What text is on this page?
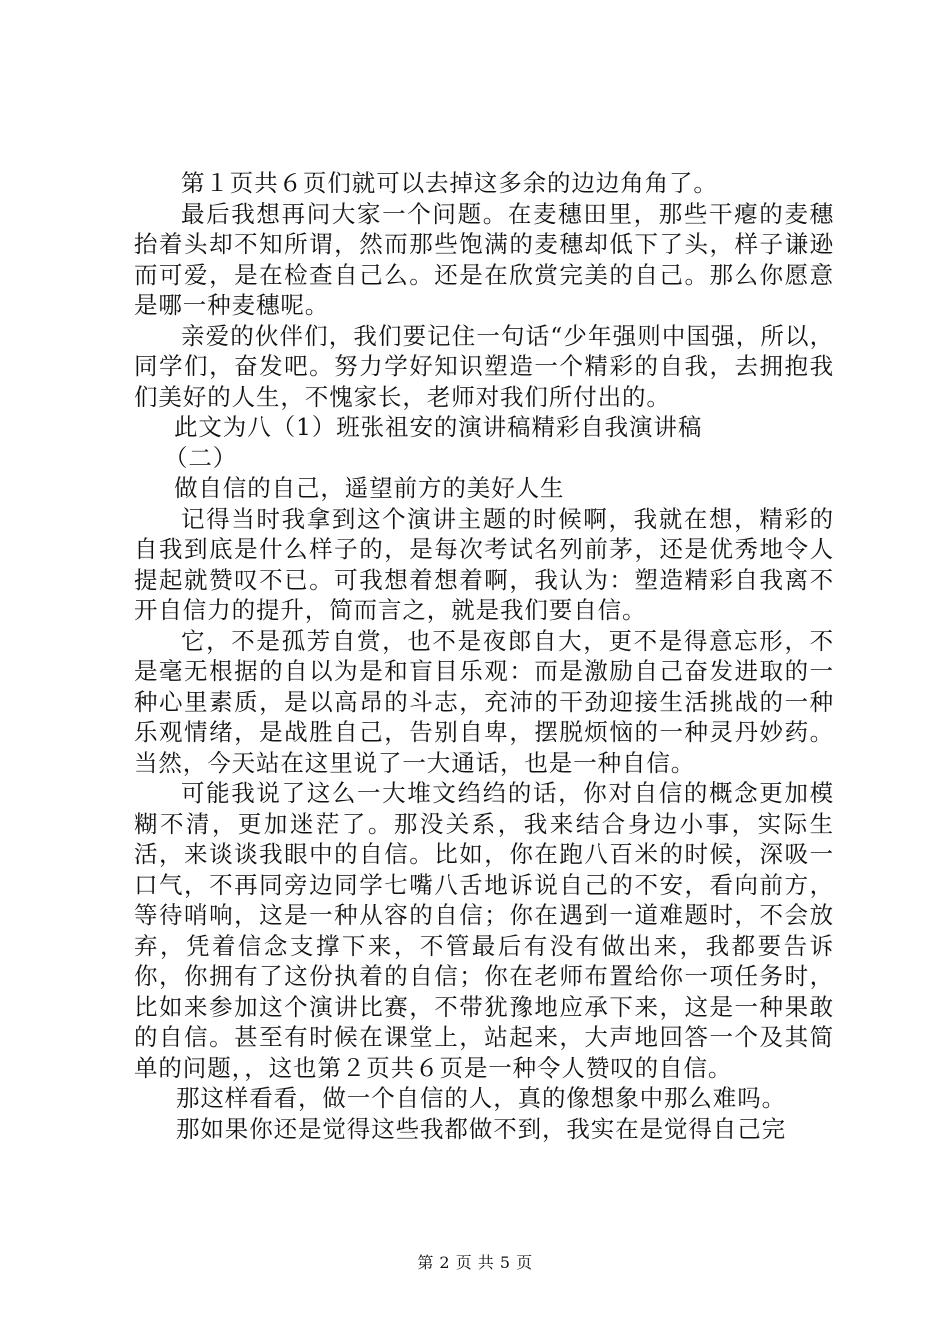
第１页共６页们就可以去掉这多余的边边角角了。

最后我想再问大家一个问题。在麦穗田里，那些干瘪的麦穗抬着头却不知所谓，然而那些饱满的麦穗却低下了头，样子谦逊而可爱，是在检查自己么。还是在欣赏完美的自己。那么你愿意是哪一种麦穗呢。

亲爱的伙伴们，我们要记住一句话“少年强则中国强，所以，同学们，奋发吧。努力学好知识塑造一个精彩的自我，去拥抱我们美好的人生，不愧家长，老师对我们所付出的。

此文为八（1）班张祖安的演讲稿精彩自我演讲稿

（二）

做自信的自己，遥望前方的美好人生

记得当时我拿到这个演讲主题的时候啊，我就在想，精彩的自我到底是什么样子的，是每次考试名列前茅，还是优秀地令人提起就赞叹不已。可我想着想着啊，我认为：塑造精彩自我离不开自信力的提升，简而言之，就是我们要自信。

它，不是孤芳自赏，也不是夜郎自大，更不是得意忘形，不是毫无根据的自以为是和盲目乐观：而是激励自己奋发进取的一种心里素质，是以高昂的斗志，充沛的干劲迎接生活挑战的一种乐观情绪，是战胜自己，告别自卑，摆脱烦恼的一种灵丹妙药。当然，今天站在这里说了一大通话，也是一种自信。

可能我说了这么一大堆文绉绉的话，你对自信的概念更加模糊不清，更加迷茫了。那没关系，我来结合身边小事，实际生活，来谈谈我眼中的自信。比如，你在跑八百米的时候，深吸一口气，不再同旁边同学七嘴八舌地诉说自己的不安，看向前方，等待哨响，这是一种从容的自信；你在遇到一道难题时，不会放弃，凭着信念支撑下来，不管最后有没有做出来，我都要告诉你，你拥有了这份执着的自信；你在老师布置给你一项任务时，比如来参加这个演讲比赛，不带犹豫地应承下来，这是一种果敢的自信。甚至有时候在课堂上，站起来，大声地回答一个及其简单的问题，，这也第２页共６页是一种令人赞叹的自信。

那这样看看，做一个自信的人，真的像想象中那么难吗。

那如果你还是觉得这些我都做不到，我实在是觉得自己完

第 2 页 共 5 页
